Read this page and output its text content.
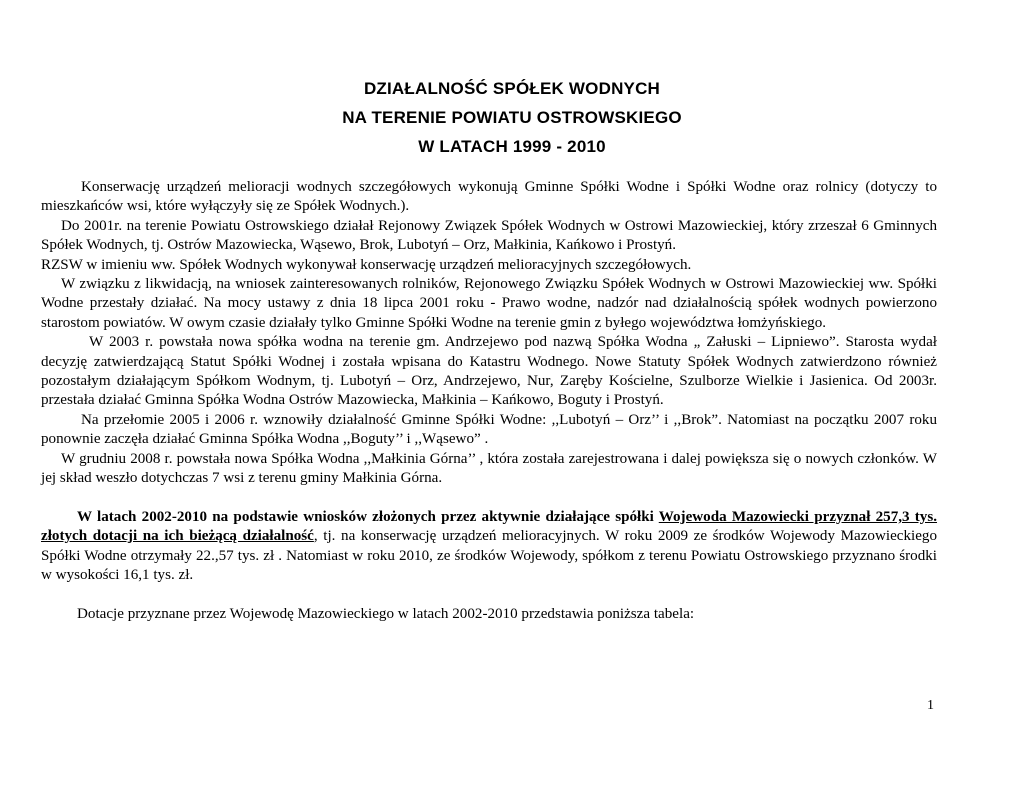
DZIAŁALNOŚĆ SPÓŁEK WODNYCH
NA TERENIE POWIATU OSTROWSKIEGO
W LATACH 1999 - 2010

Konserwację urządzeń melioracji wodnych szczegółowych wykonują Gminne Spółki Wodne i Spółki Wodne oraz rolnicy (dotyczy to mieszkańców wsi, które wyłączyły się ze Spółek Wodnych.).

Do 2001r. na terenie Powiatu Ostrowskiego działał Rejonowy Związek Spółek Wodnych w Ostrowi Mazowieckiej, który zrzeszał 6 Gminnych Spółek Wodnych, tj. Ostrów Mazowiecka, Wąsewo, Brok, Lubotyń – Orz, Małkinia, Kańkowo i Prostyń.

RZSW w imieniu ww. Spółek Wodnych wykonywał konserwację urządzeń melioracyjnych szczegółowych.

W związku z likwidacją, na wniosek zainteresowanych rolników, Rejonowego Związku Spółek Wodnych w Ostrowi Mazowieckiej ww. Spółki Wodne przestały działać. Na mocy ustawy z dnia 18 lipca 2001 roku - Prawo wodne, nadzór nad działalnością spółek wodnych powierzono starostom powiatów. W owym czasie działały tylko Gminne Spółki Wodne na terenie gmin z byłego województwa łomżyńskiego.

W 2003 r. powstała nowa spółka wodna na terenie gm. Andrzejewo pod nazwą Spółka Wodna „ Załuski – Lipniewo”. Starosta wydał decyzję zatwierdzającą Statut Spółki Wodnej i została wpisana do Katastru Wodnego. Nowe Statuty Spółek Wodnych zatwierdzono również pozostałym działającym Spółkom Wodnym, tj. Lubotyń – Orz, Andrzejewo, Nur, Zaręby Kościelne, Szulborze Wielkie i Jasienica. Od 2003r. przestała działać Gminna Spółka Wodna Ostrów Mazowiecka, Małkinia – Kańkowo, Boguty i Prostyń.

Na przełomie 2005 i 2006 r. wznowiły działalność Gminne Spółki Wodne: ,,Lubotyń – Orz’’ i ,,Brok”. Natomiast na początku 2007 roku ponownie zaczęła działać Gminna Spółka Wodna ,,Boguty’’ i ,,Wąsewo” .

W grudniu 2008 r. powstała nowa Spółka Wodna ,,Małkinia Górna’’ , która została zarejestrowana i dalej powiększa się o nowych członków. W jej skład weszło dotychczas 7 wsi z terenu gminy Małkinia Górna.

W latach 2002-2010 na podstawie wniosków złożonych przez aktywnie działające spółki Wojewoda Mazowiecki przyznał 257,3 tys. złotych dotacji na ich bieżącą działalność, tj. na konserwację urządzeń melioracyjnych. W roku 2009 ze środków Wojewody Mazowieckiego Spółki Wodne otrzymały 22.,57 tys. zł . Natomiast w roku 2010, ze środków Wojewody, spółkom z terenu Powiatu Ostrowskiego przyznano środki w wysokości 16,1 tys. zł.

Dotacje przyznane przez Wojewodę Mazowieckiego w latach 2002-2010 przedstawia poniższa tabela:

1
